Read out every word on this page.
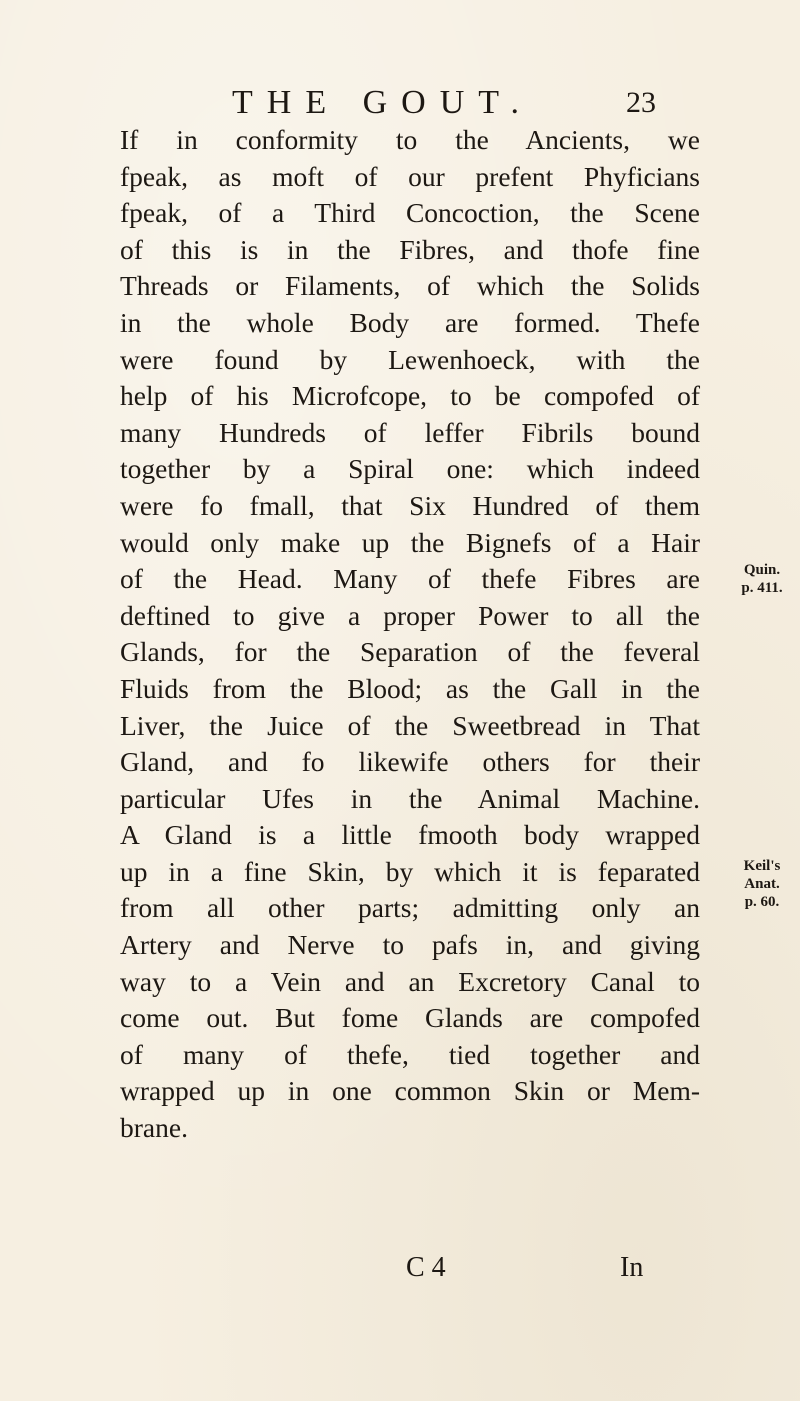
THE GOUT.	23
If in conformity to the Ancients, we
fpeak, as moft of our prefent Phyficians
fpeak, of a Third Concoction, the Scene
of this is in the Fibres, and thofe fine
Threads or Filaments, of which the Solids
in the whole Body are formed. Thefe
were found by Lewenhoeck, with the
help of his Microfcope, to be compofed of
many Hundreds of leffer Fibrils bound
together by a Spiral one: which indeed
were fo fmall, that Six Hundred of them
would only make up the Bignefs of a Hair
of the Head. Many of thefe Fibres are
deftined to give a proper Power to all the
Glands, for the Separation of the feveral
Fluids from the Blood; as the Gall in the
Liver, the Juice of the Sweetbread in That
Gland, and fo likewife others for their
particular Ufes in the Animal Machine.
A Gland is a little fmooth body wrapped
up in a fine Skin, by which it is feparated
from all other parts; admitting only an
Artery and Nerve to pafs in, and giving
way to a Vein and an Excretory Canal to
come out. But fome Glands are compofed
of many of thefe, tied together and
wrapped up in one common Skin or Mem-
brane.
Quin.
p. 411.
Keil's
Anat.
p. 60.
C 4	In
